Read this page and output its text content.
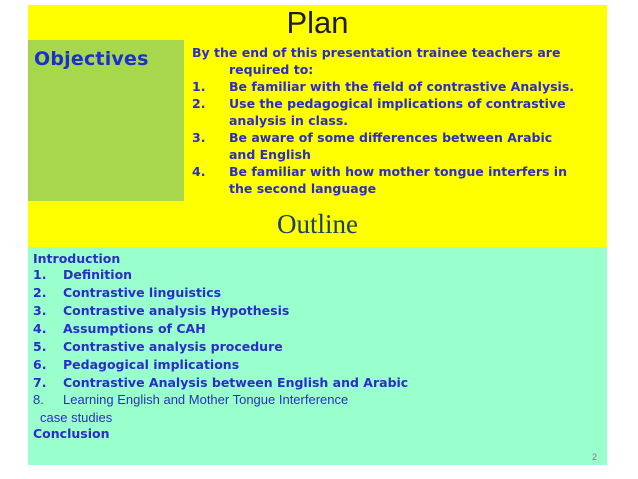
Plan
Objectives	By the end of this presentation trainee teachers are
required to:
1.	Be familiar with the field of contrastive Analysis.
2.	Use the pedagogical implications of contrastive
analysis in class.
3.	Be aware of some differences between Arabic
and English
4.	Be familiar with how mother tongue interfers in
the second language
Outline
Introduction
1. Definition
2. Contrastive linguistics
3. Contrastive analysis Hypothesis
4. Assumptions of CAH
5. Contrastive analysis procedure
6. Pedagogical implications
7. Contrastive Analysis between English and Arabic
8. Learning English and Mother Tongue Interference
case studies
Conclusion
2
